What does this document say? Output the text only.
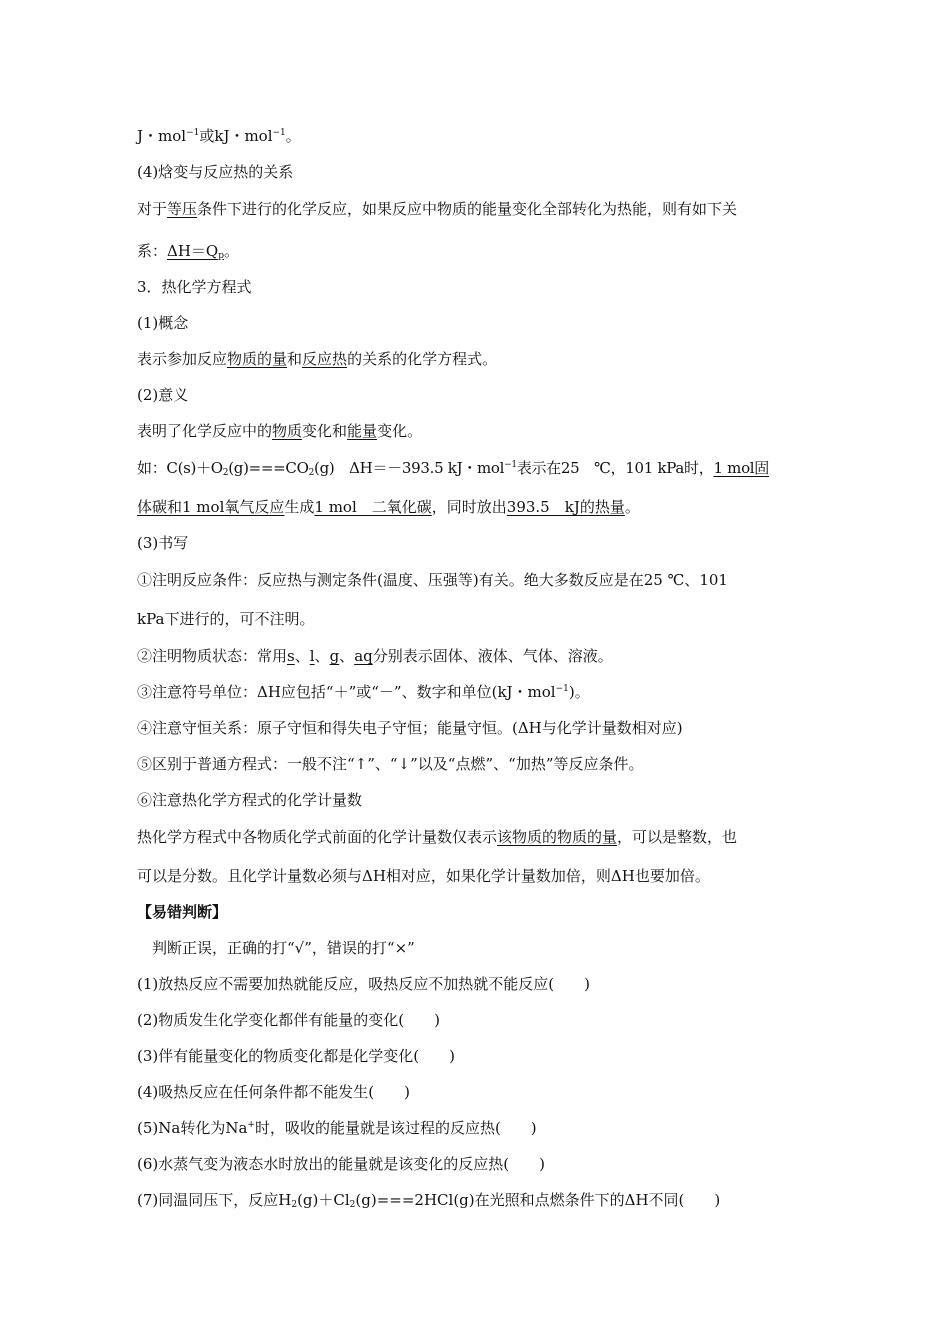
J・mol$^{-1}$或kJ・mol$^{-1}$。
(4)焓变与反应热的关系
对于等压条件下进行的化学反应，如果反应中物质的能量变化全部转化为热能，则有如下关
系：$\Delta H=Q_p$。
3．热化学方程式
(1)概念
表示参加反应物质的量和反应热的关系的化学方程式。
(2)意义
表明了化学反应中的物质变化和能量变化。
如：$C(s)+O_2(g)===CO_2(g)$　ΔH＝－393.5 kJ・mol$^{-1}$表示在25　℃，101 kPa时，1 mol固
体碳和1 mol氧气反应生成1 mol　二氧化碳，同时放出393.5　kJ的热量。
(3)书写
①注明反应条件：反应热与测定条件(温度、压强等)有关。绝大多数反应是在25 ℃、101
kPa下进行的，可不注明。
②注明物质状态：常用s、l、g、aq分别表示固体、液体、气体、溶液。
③注意符号单位：ΔH应包括“＋”或“－”、数字和单位(kJ・mol$^{-1}$)。
④注意守恒关系：原子守恒和得失电子守恒；能量守恒。(ΔH与化学计量数相对应)
⑤区别于普通方程式：一般不注“↑”、“↓”以及“点燃”、“加热”等反应条件。
⑥注意热化学方程式的化学计量数
热化学方程式中各物质化学式前面的化学计量数仅表示该物质的物质的量，可以是整数，也
可以是分数。且化学计量数必须与ΔH相对应，如果化学计量数加倍，则ΔH也要加倍。
【易错判断】
判断正误，正确的打“√”，错误的打“×”
(1)放热反应不需要加热就能反应，吸热反应不加热就不能反应(　　)
(2)物质发生化学变化都伴有能量的变化(　　)
(3)伴有能量变化的物质变化都是化学变化(　　)
(4)吸热反应在任何条件都不能发生(　　)
(5)Na转化为Na+时，吸收的能量就是该过程的反应热(　　)
(6)水蒸气变为液态水时放出的能量就是该变化的反应热(　　)
(7)同温同压下，反应$H_2(g)+Cl_2(g)===2HCl(g)$在光照和点燃条件下的ΔH不同(　　)
